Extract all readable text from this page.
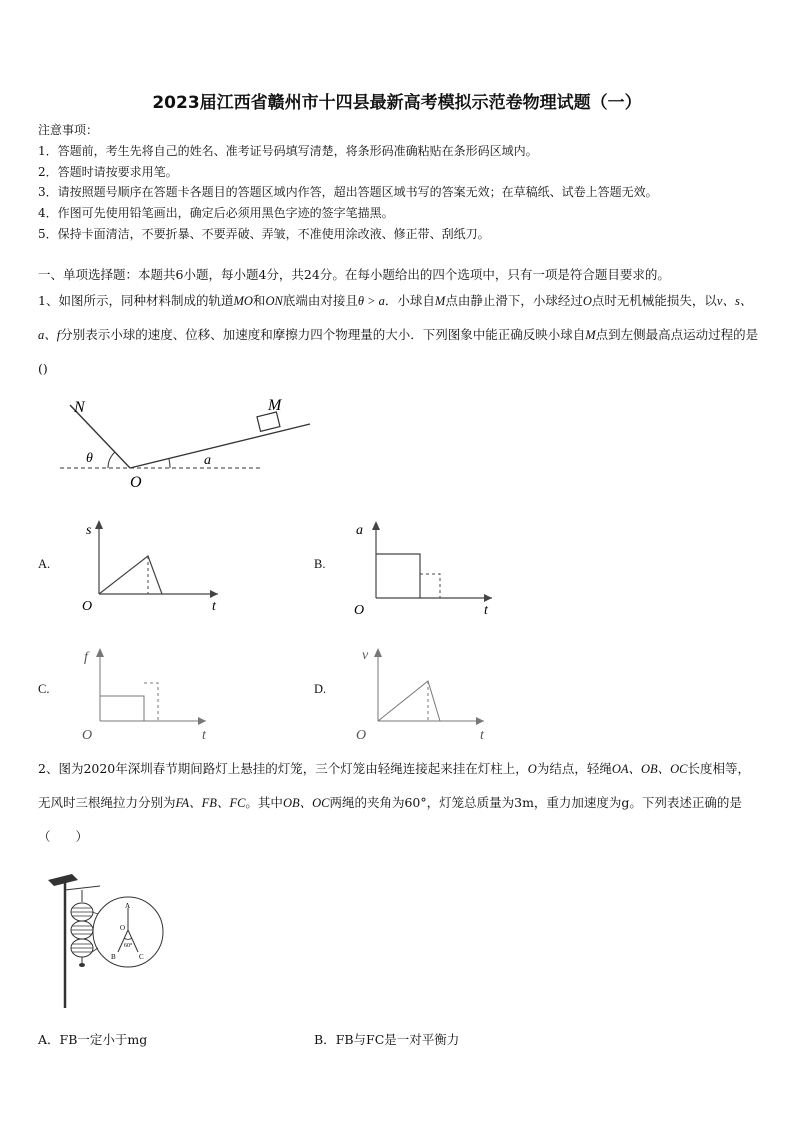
2023届江西省赣州市十四县最新高考模拟示范卷物理试题（一）
注意事项：
1．答题前，考生先将自己的姓名、准考证号码填写清楚，将条形码准确粘贴在条形码区域内。
2．答题时请按要求用笔。
3．请按照题号顺序在答题卡各题目的答题区域内作答，超出答题区域书写的答案无效；在草稿纸、试卷上答题无效。
4．作图可先使用铅笔画出，确定后必须用黑色字迹的签字笔描黑。
5．保持卡面清洁，不要折暴、不要弄破、弄皱，不准使用涂改液、修正带、刮纸刀。
一、单项选择题：本题共6小题，每小题4分，共24分。在每小题给出的四个选项中，只有一项是符合题目要求的。
1、如图所示，同种材料制成的轨道MO和ON底端由对接且θ > a．小球自M点由静止滑下，小球经过O点时无机械能损失，以v、s、a、f分别表示小球的速度、位移、加速度和摩擦力四个物理量的大小．下列图象中能正确反映小球自M点到左侧最高点运动过程的是()
N	M
O
θ	a
A.
s
O	t
B.
a
O	t
C.
f
O	t
D.
v
O	t
2、图为2020年深圳春节期间路灯上悬挂的灯笼，三个灯笼由轻绳连接起来挂在灯柱上，O为结点，轻绳OA、OB、OC长度相等，无风时三根绳拉力分别为FA、FB、FC。其中OB、OC两绳的夹角为60°，灯笼总质量为3m，重力加速度为g。下列表述正确的是（　　）
A
O
60°
B	C
A．FB一定小于mg	B．FB与FC是一对平衡力
